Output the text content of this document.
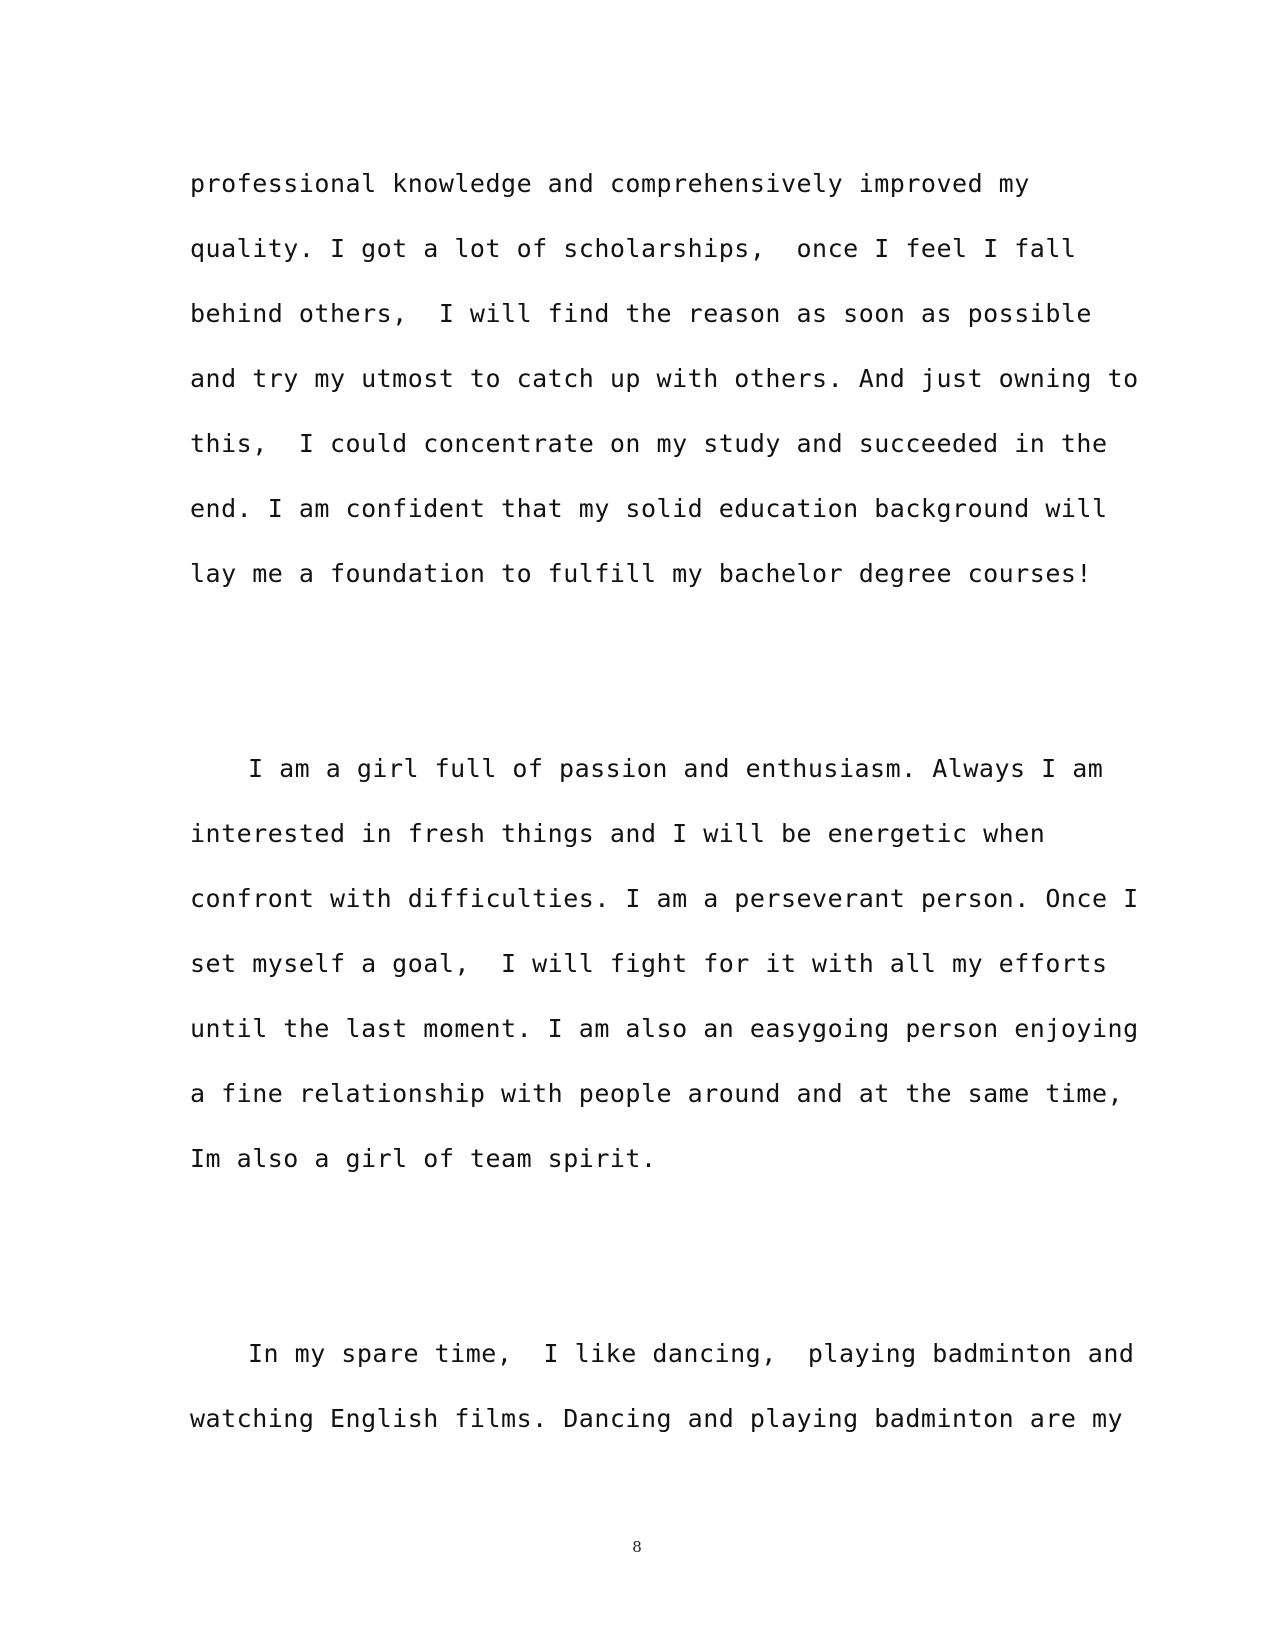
professional knowledge and comprehensively improved my
quality. I got a lot of scholarships,  once I feel I fall
behind others,  I will find the reason as soon as possible
and try my utmost to catch up with others. And just owning to
this,  I could concentrate on my study and succeeded in the
end. I am confident that my solid education background will
lay me a foundation to fulfill my bachelor degree courses!
I am a girl full of passion and enthusiasm. Always I am
interested in fresh things and I will be energetic when
confront with difficulties. I am a perseverant person. Once I
set myself a goal,  I will fight for it with all my efforts
until the last moment. I am also an easygoing person enjoying
a fine relationship with people around and at the same time,
Im also a girl of team spirit.
In my spare time,  I like dancing,  playing badminton and
watching English films. Dancing and playing badminton are my
8
